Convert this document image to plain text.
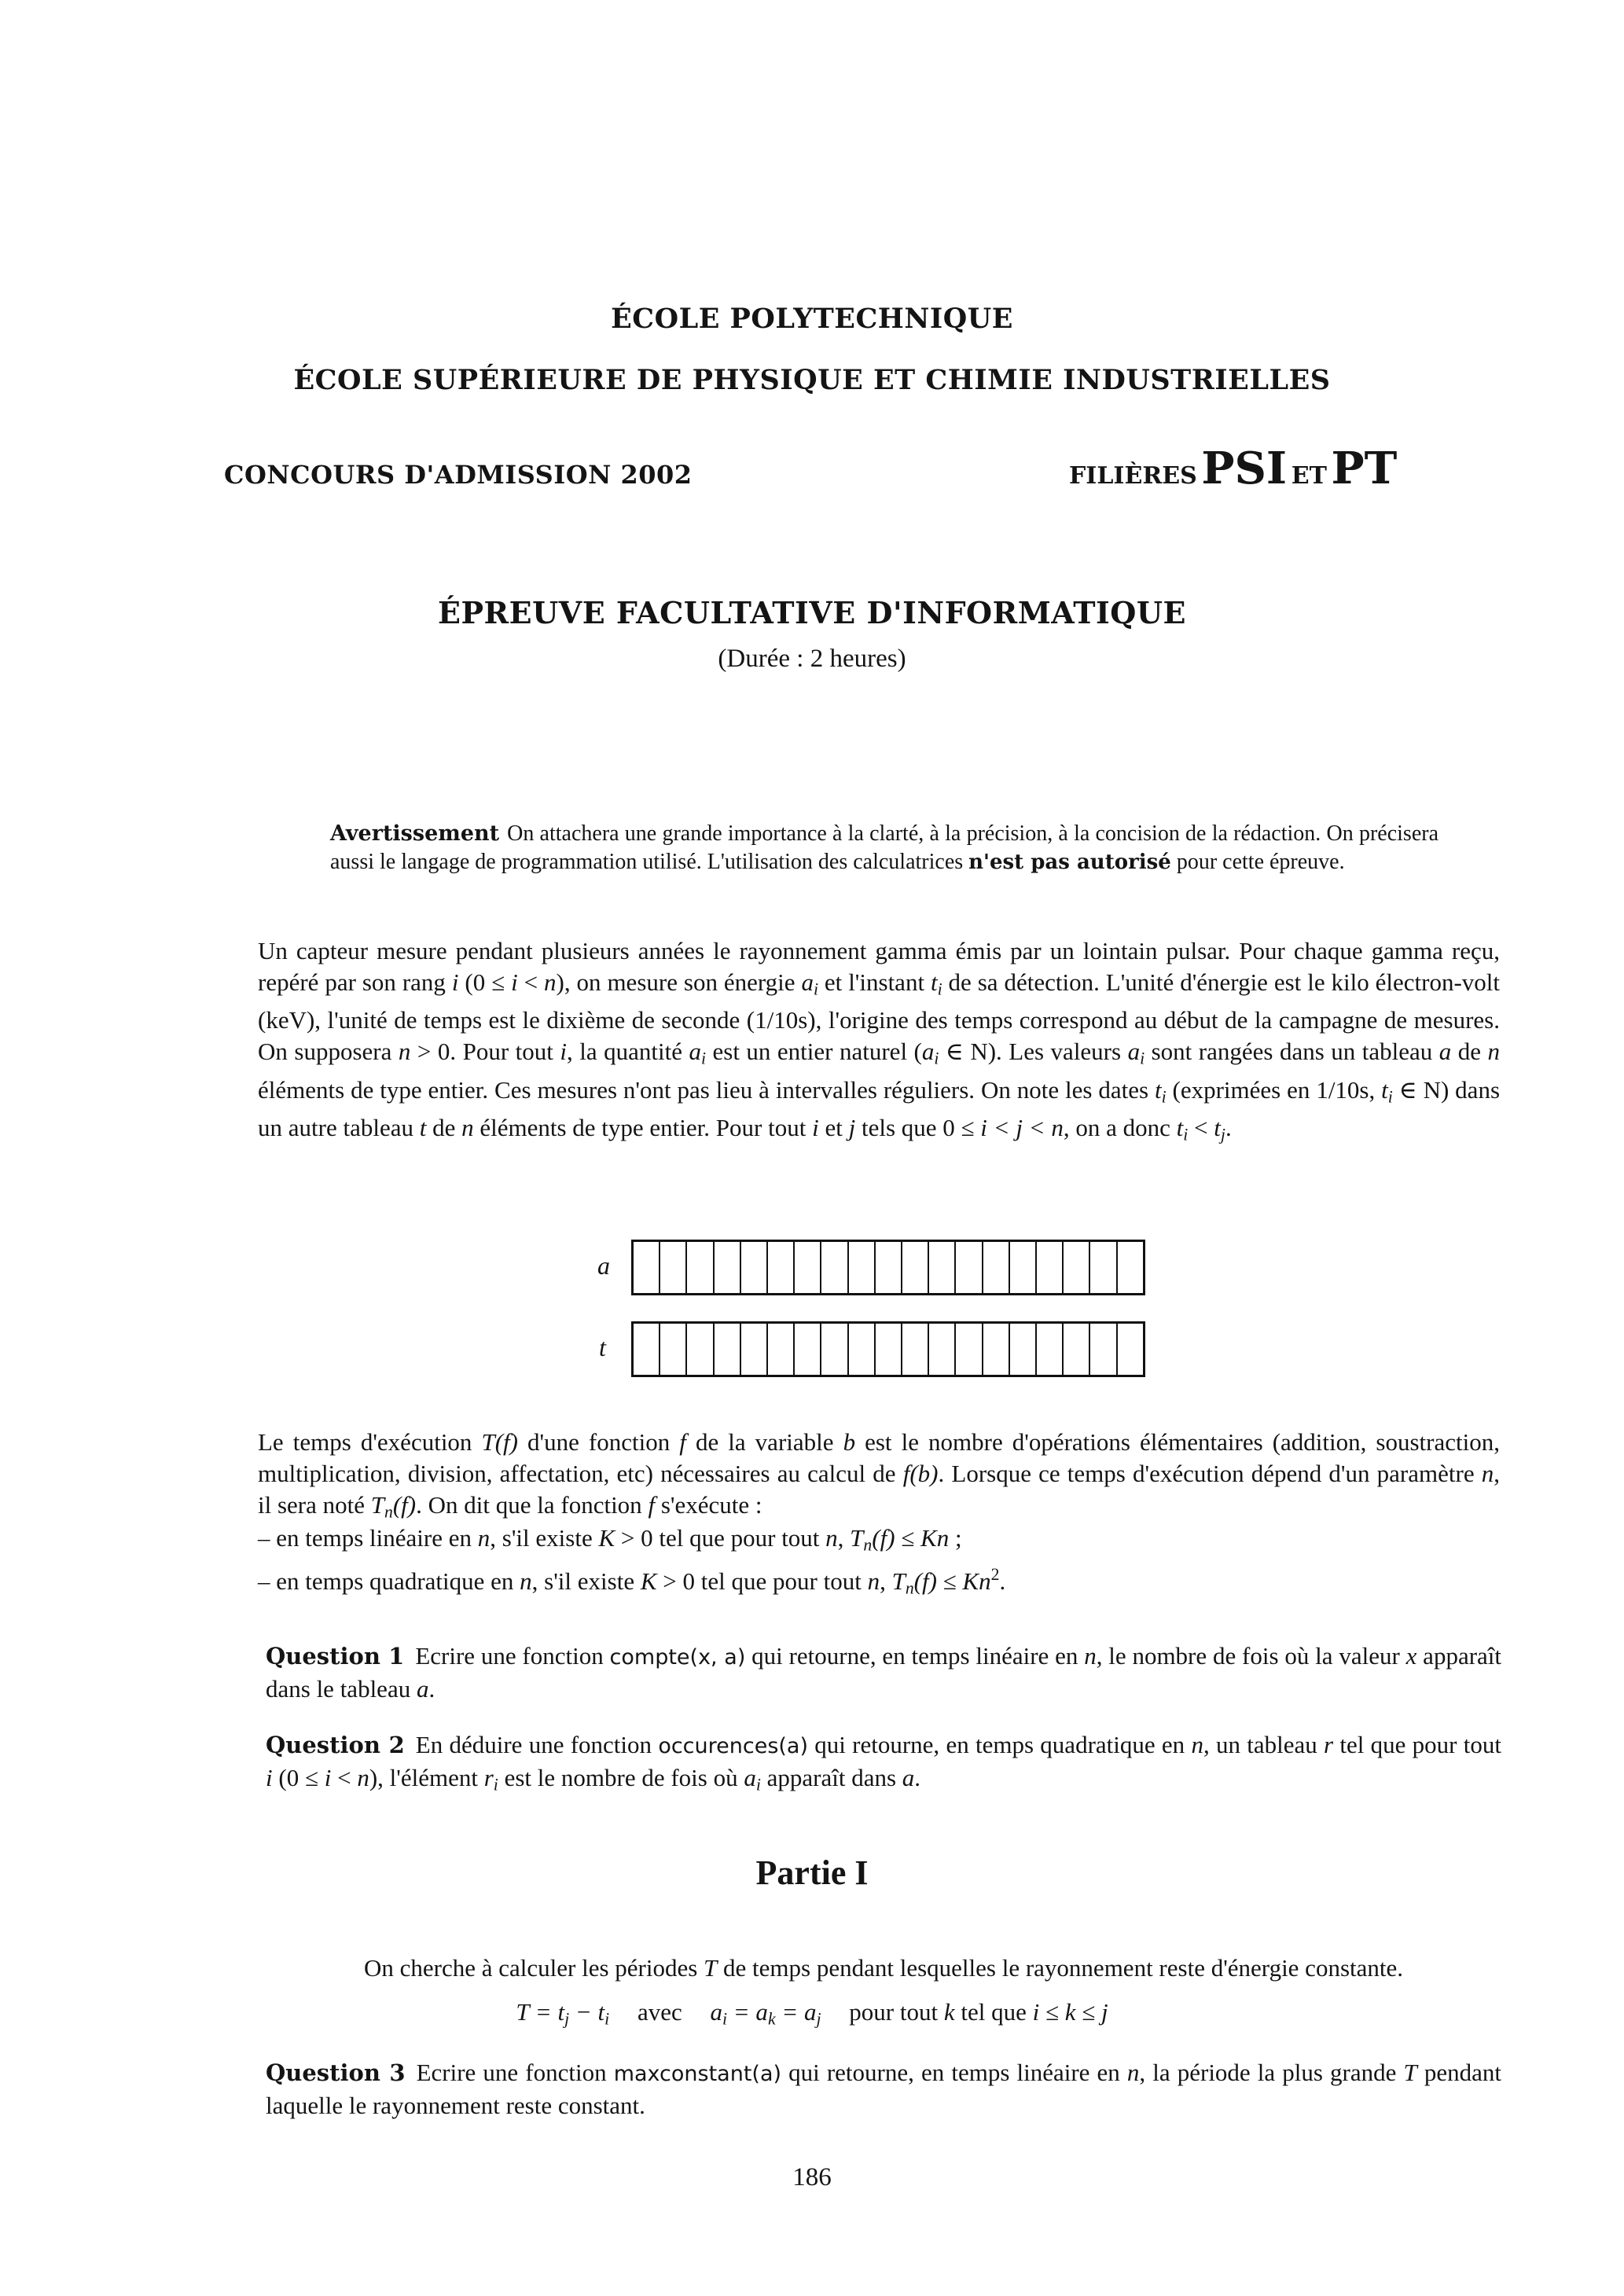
ÉCOLE POLYTECHNIQUE
ÉCOLE SUPÉRIEURE DE PHYSIQUE ET CHIMIE INDUSTRIELLES
CONCOURS D'ADMISSION 2002	FILIÈRES PSI ET PT
ÉPREUVE FACULTATIVE D'INFORMATIQUE
(Durée : 2 heures)
Avertissement On attachera une grande importance à la clarté, à la précision, à la concision de la rédaction. On précisera aussi le langage de programmation utilisé. L'utilisation des calculatrices n'est pas autorisé pour cette épreuve.

Un capteur mesure pendant plusieurs années le rayonnement gamma émis par un lointain pulsar. Pour chaque gamma reçu, repéré par son rang i (0 ≤ i < n), on mesure son énergie $a_i$ et l'instant $t_i$ de sa détection. L'unité d'énergie est le kilo électron-volt (keV), l'unité de temps est le dixième de seconde (1/10s), l'origine des temps correspond au début de la campagne de mesures. On supposera n > 0. Pour tout i, la quantité $a_i$ est un entier naturel ($a_i$ ∈ N). Les valeurs $a_i$ sont rangées dans un tableau a de n éléments de type entier. Ces mesures n'ont pas lieu à intervalles réguliers. On note les dates $t_i$ (exprimées en 1/10s, $t_i$ ∈ N) dans un autre tableau t de n éléments de type entier. Pour tout i et j tels que 0 ≤ i < j < n, on a donc $t_i < t_j$.

a
t

Le temps d'exécution T(f) d'une fonction f de la variable b est le nombre d'opérations élémentaires (addition, soustraction, multiplication, division, affectation, etc) nécessaires au calcul de f(b). Lorsque ce temps d'exécution dépend d'un paramètre n, il sera noté $T_n(f)$. On dit que la fonction f s'exécute :

– en temps linéaire en n, s'il existe K > 0 tel que pour tout n, $T_n(f) \le Kn$ ;
– en temps quadratique en n, s'il existe K > 0 tel que pour tout n, $T_n(f) \le Kn^2$.
Question 1 Ecrire une fonction compte(x, a) qui retourne, en temps linéaire en n, le nombre de fois où la valeur x apparaît dans le tableau a.
Question 2 En déduire une fonction occurences(a) qui retourne, en temps quadratique en n, un tableau r tel que pour tout i (0 ≤ i < n), l'élément $r_i$ est le nombre de fois où $a_i$ apparaît dans a.
Partie I
On cherche à calculer les périodes T de temps pendant lesquelles le rayonnement reste d'énergie constante.
$T = t_j - t_i$ avec $a_i = a_k = a_j$ pour tout k tel que i ≤ k ≤ j
Question 3 Ecrire une fonction maxconstant(a) qui retourne, en temps linéaire en n, la période la plus grande T pendant laquelle le rayonnement reste constant.
186
